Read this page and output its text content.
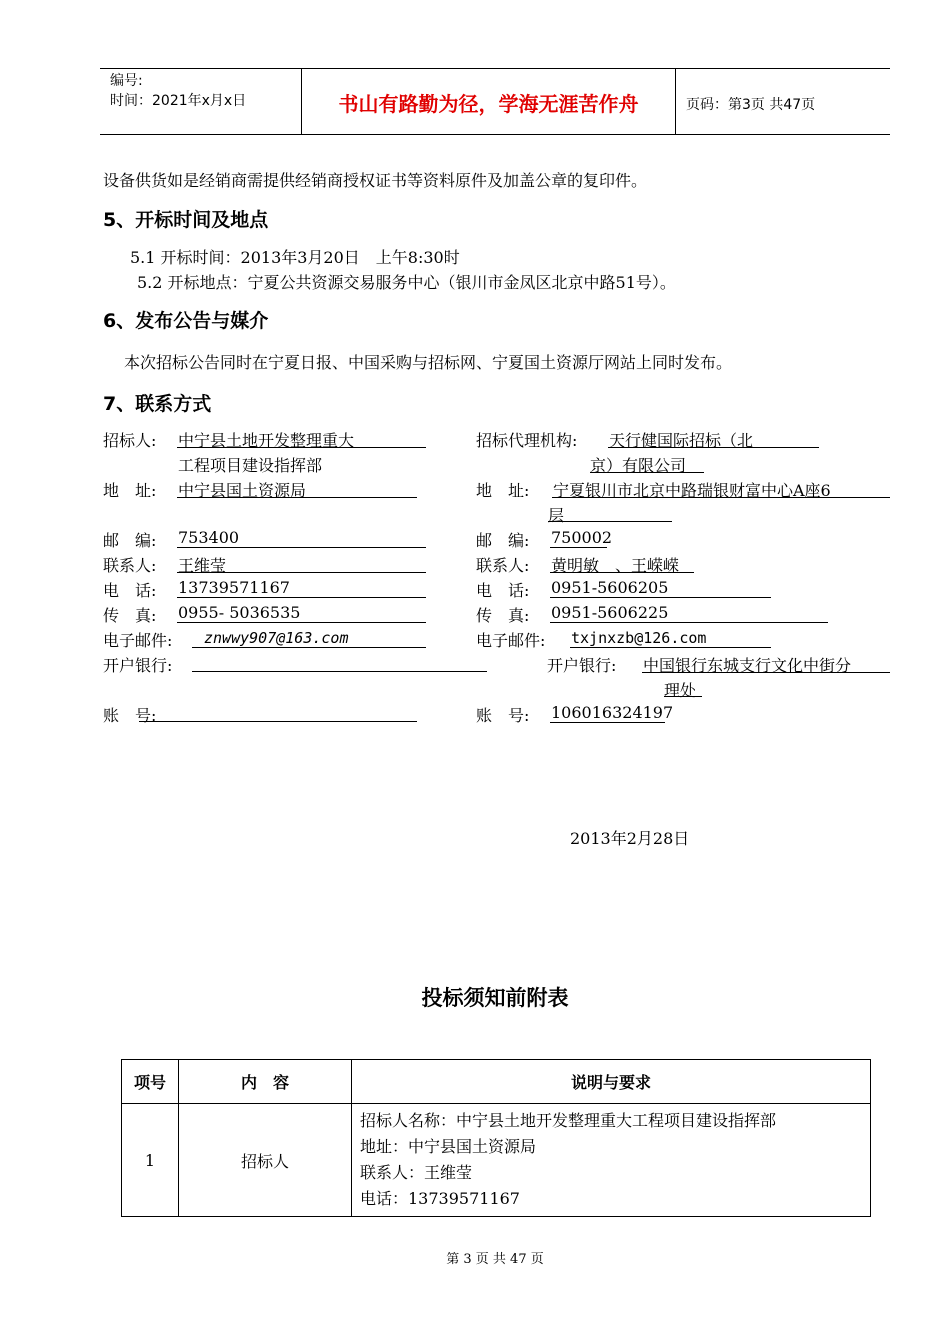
编号:
时间：2021年x月x日	书山有路勤为径，学海无涯苦作舟	页码：第3页 共47页
设备供货如是经销商需提供经销商授权证书等资料原件及加盖公章的复印件。
5、开标时间及地点
5.1 开标时间：2013年3月20日　上午8:30时
5.2 开标地点：宁夏公共资源交易服务中心（银川市金凤区北京中路51号）。
6、发布公告与媒介
本次招标公告同时在宁夏日报、中国采购与招标网、宁夏国土资源厅网站上同时发布。
7、联系方式
招标人: 中宁县土地开发整理重大
工程项目建设指挥部
地　址: 中宁县国土资源局
邮　编: 753400
联系人: 王维莹
电　话: 13739571167
传　真: 0955- 5036535
电子邮件: znwwy907@163.com
开户银行:
账　号:
招标代理机构: 天行健国际招标（北
京）有限公司
地　址: 宁夏银川市北京中路瑞银财富中心A座6
层
邮　编: 750002
联系人: 黄明敏　、王嵘嵘
电　话: 0951-5606205
传　真: 0951-5606225
电子邮件: txjnxzb@126.com
开户银行: 中国银行东城支行文化中街分
理处
账　号: 106016324197
2013年2月28日
投标须知前附表
项号	内　容	说明与要求
1	招标人	招标人名称：中宁县土地开发整理重大工程项目建设指挥部
地址：中宁县国土资源局
联系人：王维莹
电话：13739571167
第 3 页 共 47 页
